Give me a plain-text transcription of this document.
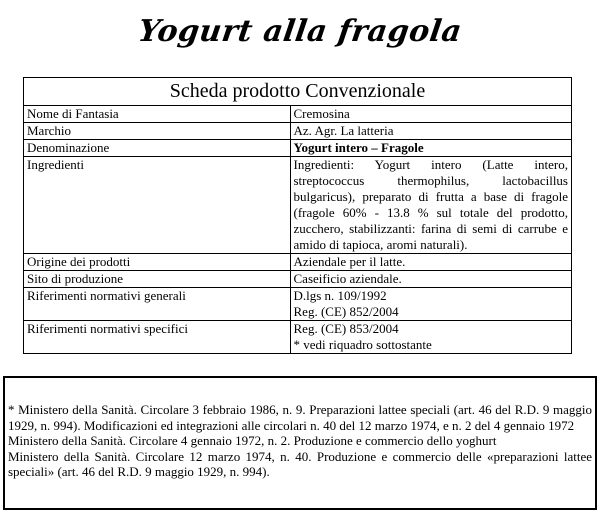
Yogurt alla fragola
Scheda prodotto Convenzionale
Nome di Fantasia	Cremosina
Marchio	Az. Agr. La latteria
Denominazione	Yogurt intero – Fragole
Ingredienti	Ingredienti: Yogurt intero (Latte intero, streptococcus thermophilus, lactobacillus bulgaricus), preparato di frutta a base di fragole (fragole 60% - 13.8 % sul totale del prodotto, zucchero, stabilizzanti: farina di semi di carrube e amido di tapioca, aromi naturali).
Origine dei prodotti	Aziendale per il latte.
Sito di produzione	Caseificio aziendale.
Riferimenti normativi generali	D.lgs n. 109/1992
Reg. (CE) 852/2004

Riferimenti normativi specifici	Reg. (CE) 853/2004
* vedi riquadro sottostante

* Ministero della Sanità. Circolare 3 febbraio 1986, n. 9. Preparazioni lattee speciali (art. 46 del R.D. 9 maggio 1929, n. 994). Modificazioni ed integrazioni alle circolari n. 40 del 12 marzo 1974, e n. 2 del 4 gennaio 1972

Ministero della Sanità. Circolare 4 gennaio 1972, n. 2. Produzione e commercio dello yoghurt

Ministero della Sanità. Circolare 12 marzo 1974, n. 40. Produzione e commercio delle «preparazioni lattee speciali» (art. 46 del R.D. 9 maggio 1929, n. 994).
